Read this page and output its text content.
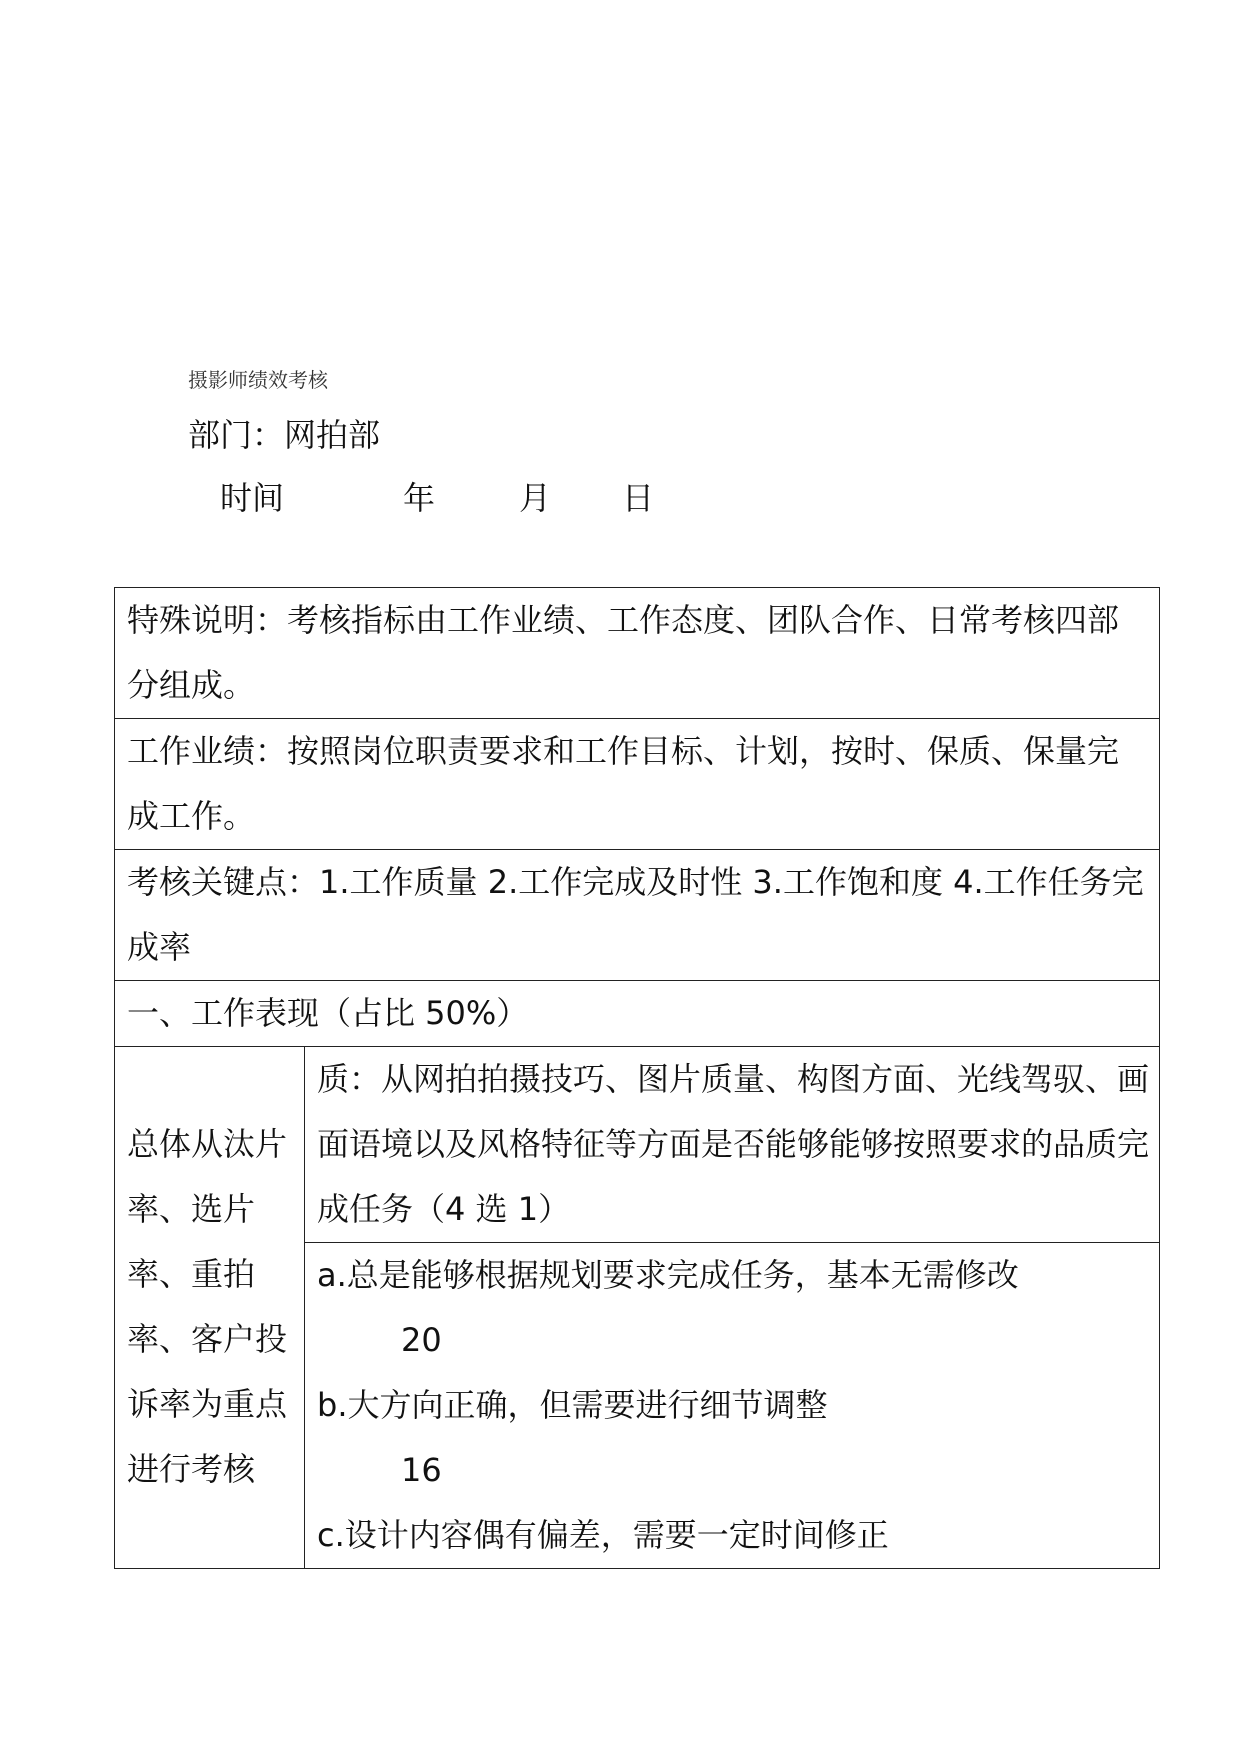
摄影师绩效考核
部门：网拍部
时间	年	月 日
特殊说明：考核指标由工作业绩、工作态度、团队合作、日常考核四部分组成。
工作业绩：按照岗位职责要求和工作目标、计划，按时、保质、保量完成工作。
考核关键点：1.工作质量 2.工作完成及时性 3.工作饱和度 4.工作任务完成率
一、工作表现（占比 50%）
总体从汰片率、选片率、重拍率、客户投诉率为重点进行考核
质：从网拍拍摄技巧、图片质量、构图方面、光线驾驭、画面语境以及风格特征等方面是否能够能够按照要求的品质完成任务（4 选 1）
a.总是能够根据规划要求完成任务，基本无需修改
20
b.大方向正确，但需要进行细节调整
16
c.设计内容偶有偏差，需要一定时间修正
